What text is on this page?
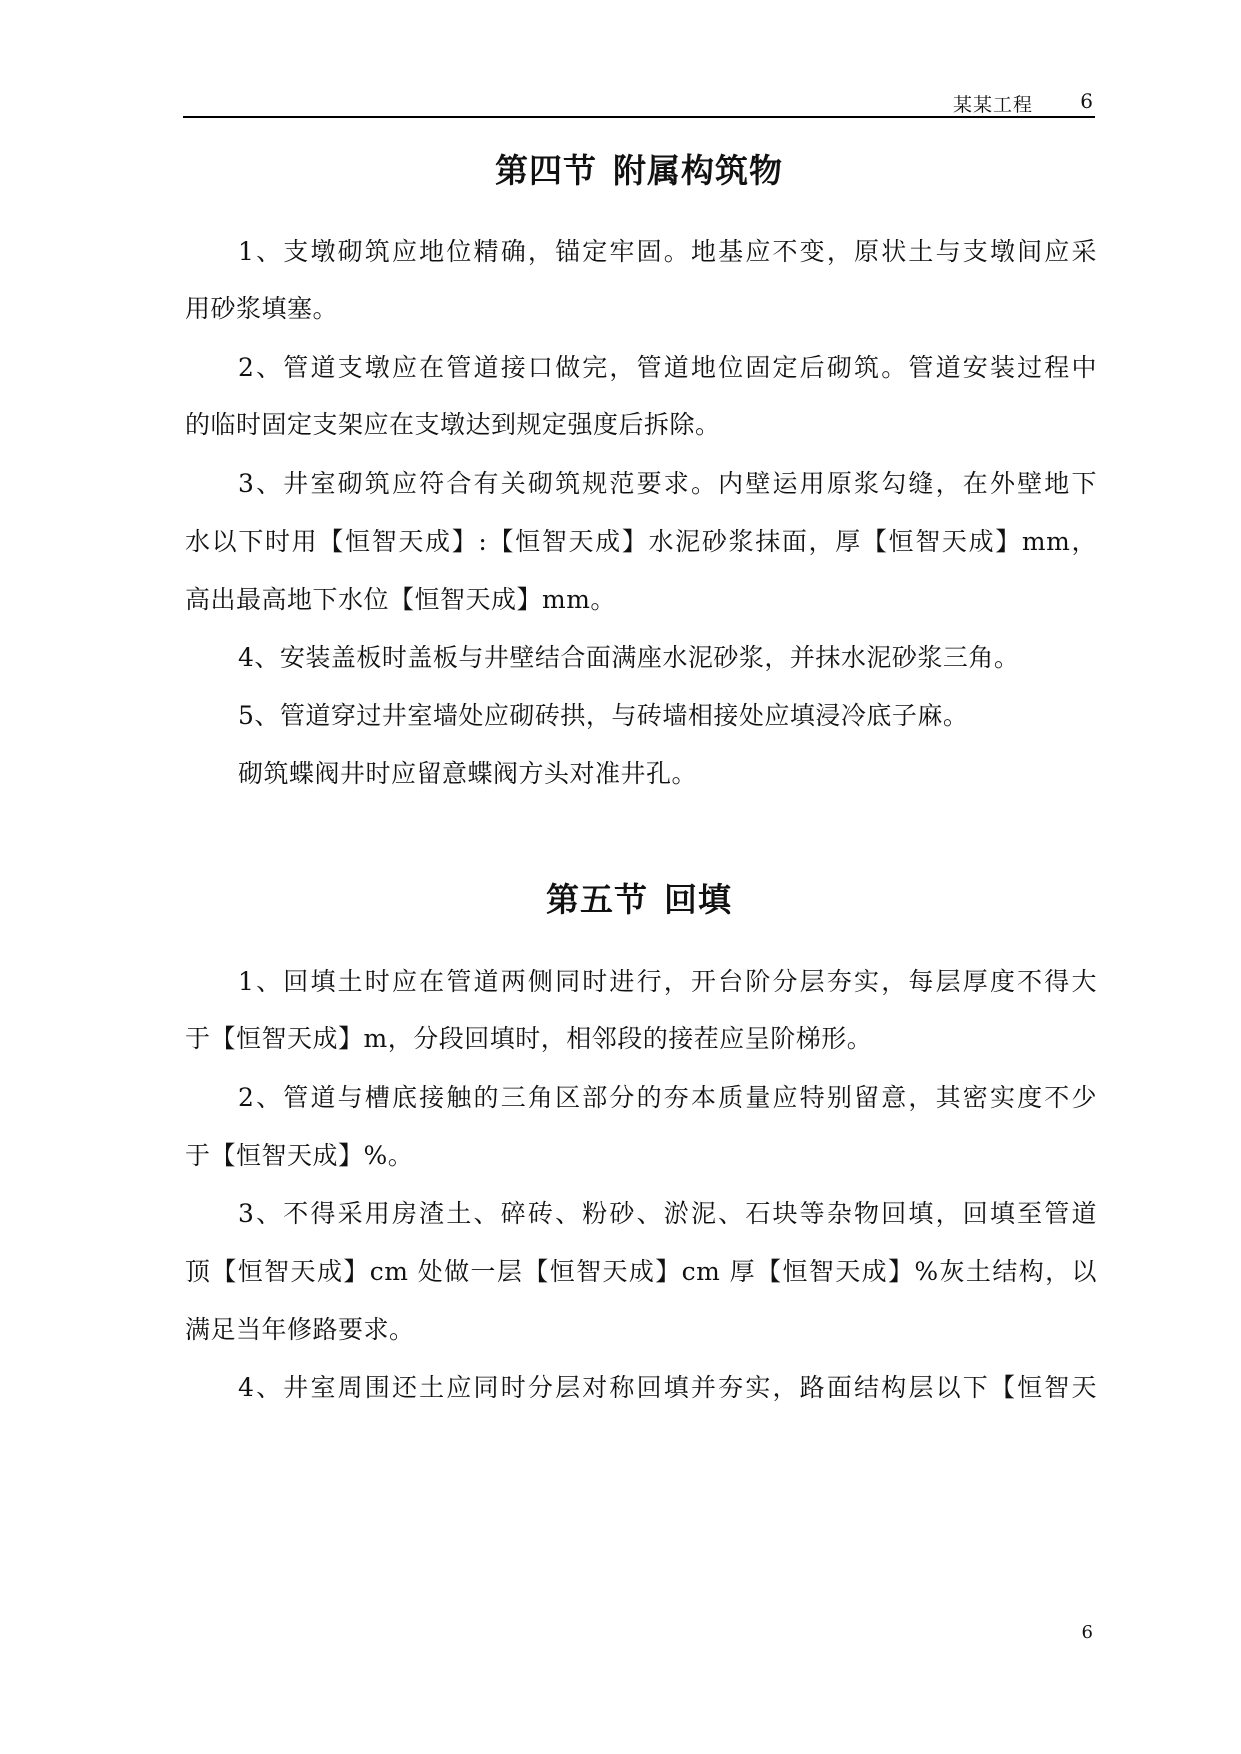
某某工程 6
第四节 附属构筑物
1、支墩砌筑应地位精确，锚定牢固。地基应不变，原状土与支墩间应采
用砂浆填塞。
2、管道支墩应在管道接口做完，管道地位固定后砌筑。管道安装过程中
的临时固定支架应在支墩达到规定强度后拆除。
3、井室砌筑应符合有关砌筑规范要求。内壁运用原浆勾缝，在外壁地下
水以下时用【恒智天成】:【恒智天成】水泥砂浆抹面，厚【恒智天成】mm，
高出最高地下水位【恒智天成】mm。
4、安装盖板时盖板与井壁结合面满座水泥砂浆，并抹水泥砂浆三角。
5、管道穿过井室墙处应砌砖拱，与砖墙相接处应填浸冷底子麻。
砌筑蝶阀井时应留意蝶阀方头对准井孔。
第五节 回填
1、回填土时应在管道两侧同时进行，开台阶分层夯实，每层厚度不得大
于【恒智天成】m，分段回填时，相邻段的接茬应呈阶梯形。
2、管道与槽底接触的三角区部分的夯本质量应特别留意，其密实度不少
于【恒智天成】%。
3、不得采用房渣土、碎砖、粉砂、淤泥、石块等杂物回填，回填至管道
顶【恒智天成】cm 处做一层【恒智天成】cm 厚【恒智天成】%灰土结构，以
满足当年修路要求。
4、井室周围还土应同时分层对称回填并夯实，路面结构层以下【恒智天
6
